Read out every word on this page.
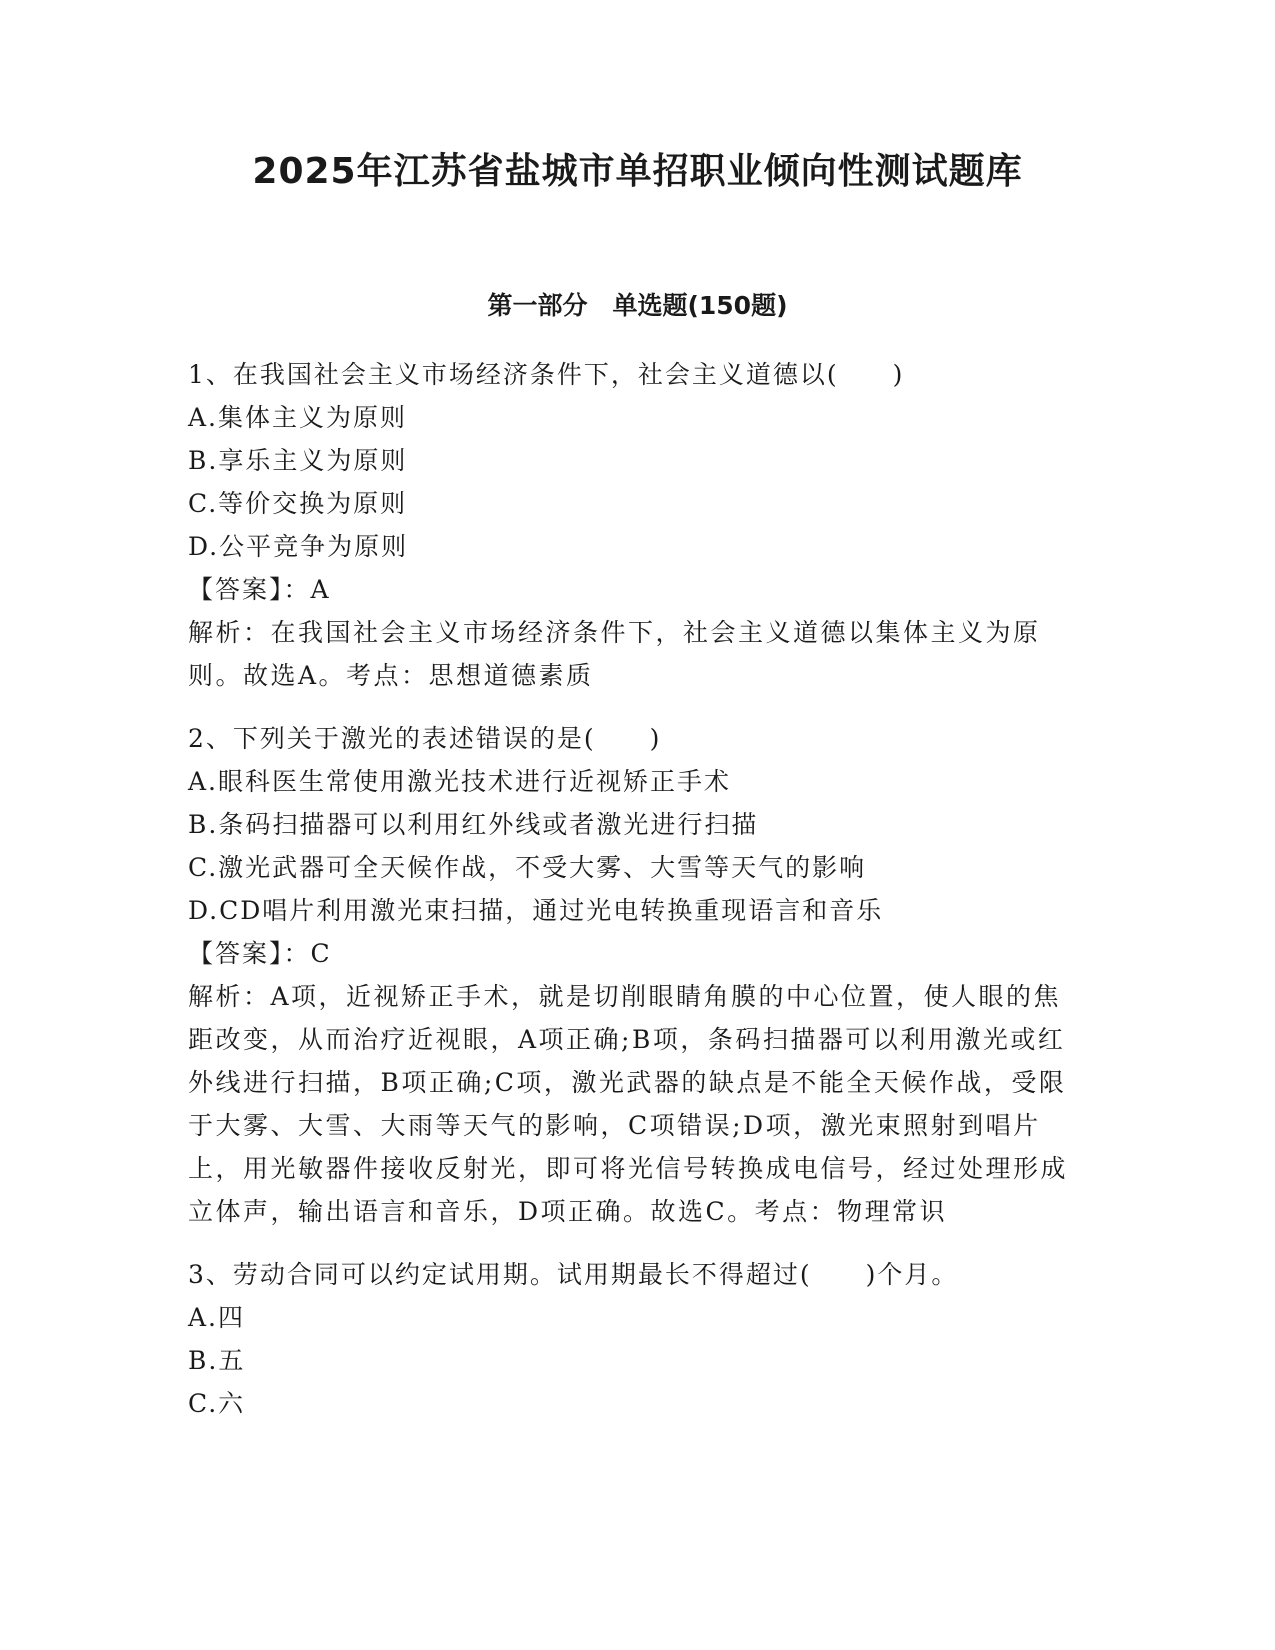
2025年江苏省盐城市单招职业倾向性测试题库
第一部分　单选题(150题)

1、在我国社会主义市场经济条件下，社会主义道德以(　　)

A.集体主义为原则

B.享乐主义为原则

C.等价交换为原则

D.公平竞争为原则

【答案】：A

解析：在我国社会主义市场经济条件下，社会主义道德以集体主义为原则。故选A。考点：思想道德素质

2、下列关于激光的表述错误的是(　　)

A.眼科医生常使用激光技术进行近视矫正手术

B.条码扫描器可以利用红外线或者激光进行扫描

C.激光武器可全天候作战，不受大雾、大雪等天气的影响

D.CD唱片利用激光束扫描，通过光电转换重现语言和音乐

【答案】：C

解析：A项，近视矫正手术，就是切削眼睛角膜的中心位置，使人眼的焦距改变，从而治疗近视眼，A项正确;B项，条码扫描器可以利用激光或红外线进行扫描，B项正确;C项，激光武器的缺点是不能全天候作战，受限于大雾、大雪、大雨等天气的影响，C项错误;D项，激光束照射到唱片上，用光敏器件接收反射光，即可将光信号转换成电信号，经过处理形成立体声，输出语言和音乐，D项正确。故选C。考点：物理常识

3、劳动合同可以约定试用期。试用期最长不得超过(　　)个月。

A.四

B.五

C.六
